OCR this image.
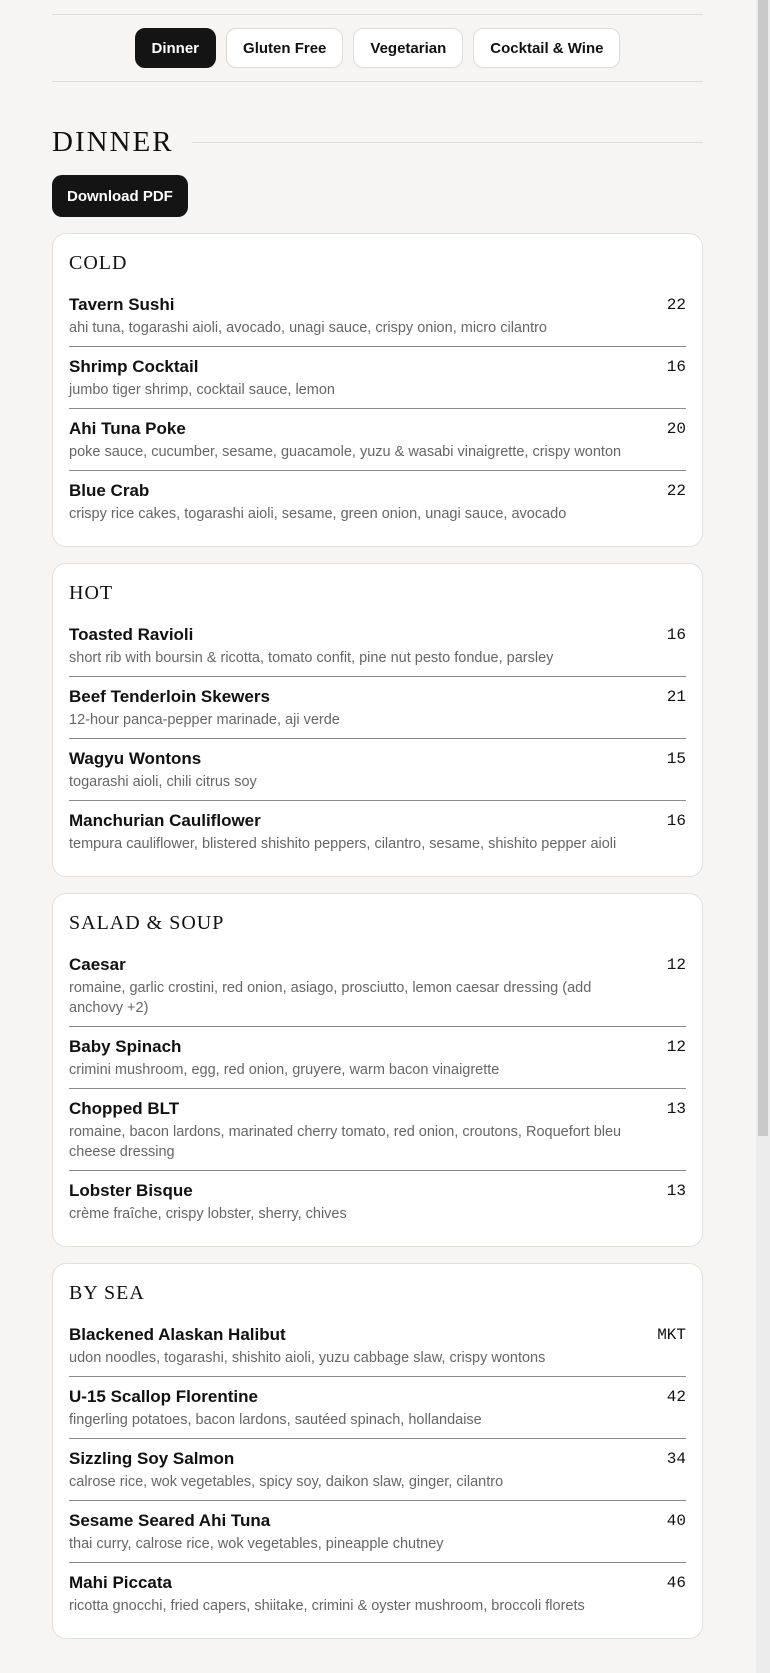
Dinner	Gluten Free	Vegetarian	Cocktail & Wine
DINNER
Download PDF
COLD
Tavern Sushi
ahi tuna, togarashi aioli, avocado, unagi sauce, crispy onion, micro cilantro
22
Shrimp Cocktail
jumbo tiger shrimp, cocktail sauce, lemon
16
Ahi Tuna Poke
poke sauce, cucumber, sesame, guacamole, yuzu & wasabi vinaigrette, crispy wonton
20
Blue Crab
crispy rice cakes, togarashi aioli, sesame, green onion, unagi sauce, avocado
22
HOT
Toasted Ravioli
short rib with boursin & ricotta, tomato confit, pine nut pesto fondue, parsley
16
Beef Tenderloin Skewers
12-hour panca-pepper marinade, aji verde
21
Wagyu Wontons
togarashi aioli, chili citrus soy
15
Manchurian Cauliflower
tempura cauliflower, blistered shishito peppers, cilantro, sesame, shishito pepper aioli
16
SALAD & SOUP
Caesar
romaine, garlic crostini, red onion, asiago, prosciutto, lemon caesar dressing (add anchovy +2)
12
Baby Spinach
crimini mushroom, egg, red onion, gruyere, warm bacon vinaigrette
12
Chopped BLT
romaine, bacon lardons, marinated cherry tomato, red onion, croutons, Roquefort bleu cheese dressing
13
Lobster Bisque
crème fraîche, crispy lobster, sherry, chives
13
BY SEA
Blackened Alaskan Halibut
udon noodles, togarashi, shishito aioli, yuzu cabbage slaw, crispy wontons
MKT
U-15 Scallop Florentine
fingerling potatoes, bacon lardons, sautéed spinach, hollandaise
42
Sizzling Soy Salmon
calrose rice, wok vegetables, spicy soy, daikon slaw, ginger, cilantro
34
Sesame Seared Ahi Tuna
thai curry, calrose rice, wok vegetables, pineapple chutney
40
Mahi Piccata
ricotta gnocchi, fried capers, shiitake, crimini & oyster mushroom, broccoli florets
46
